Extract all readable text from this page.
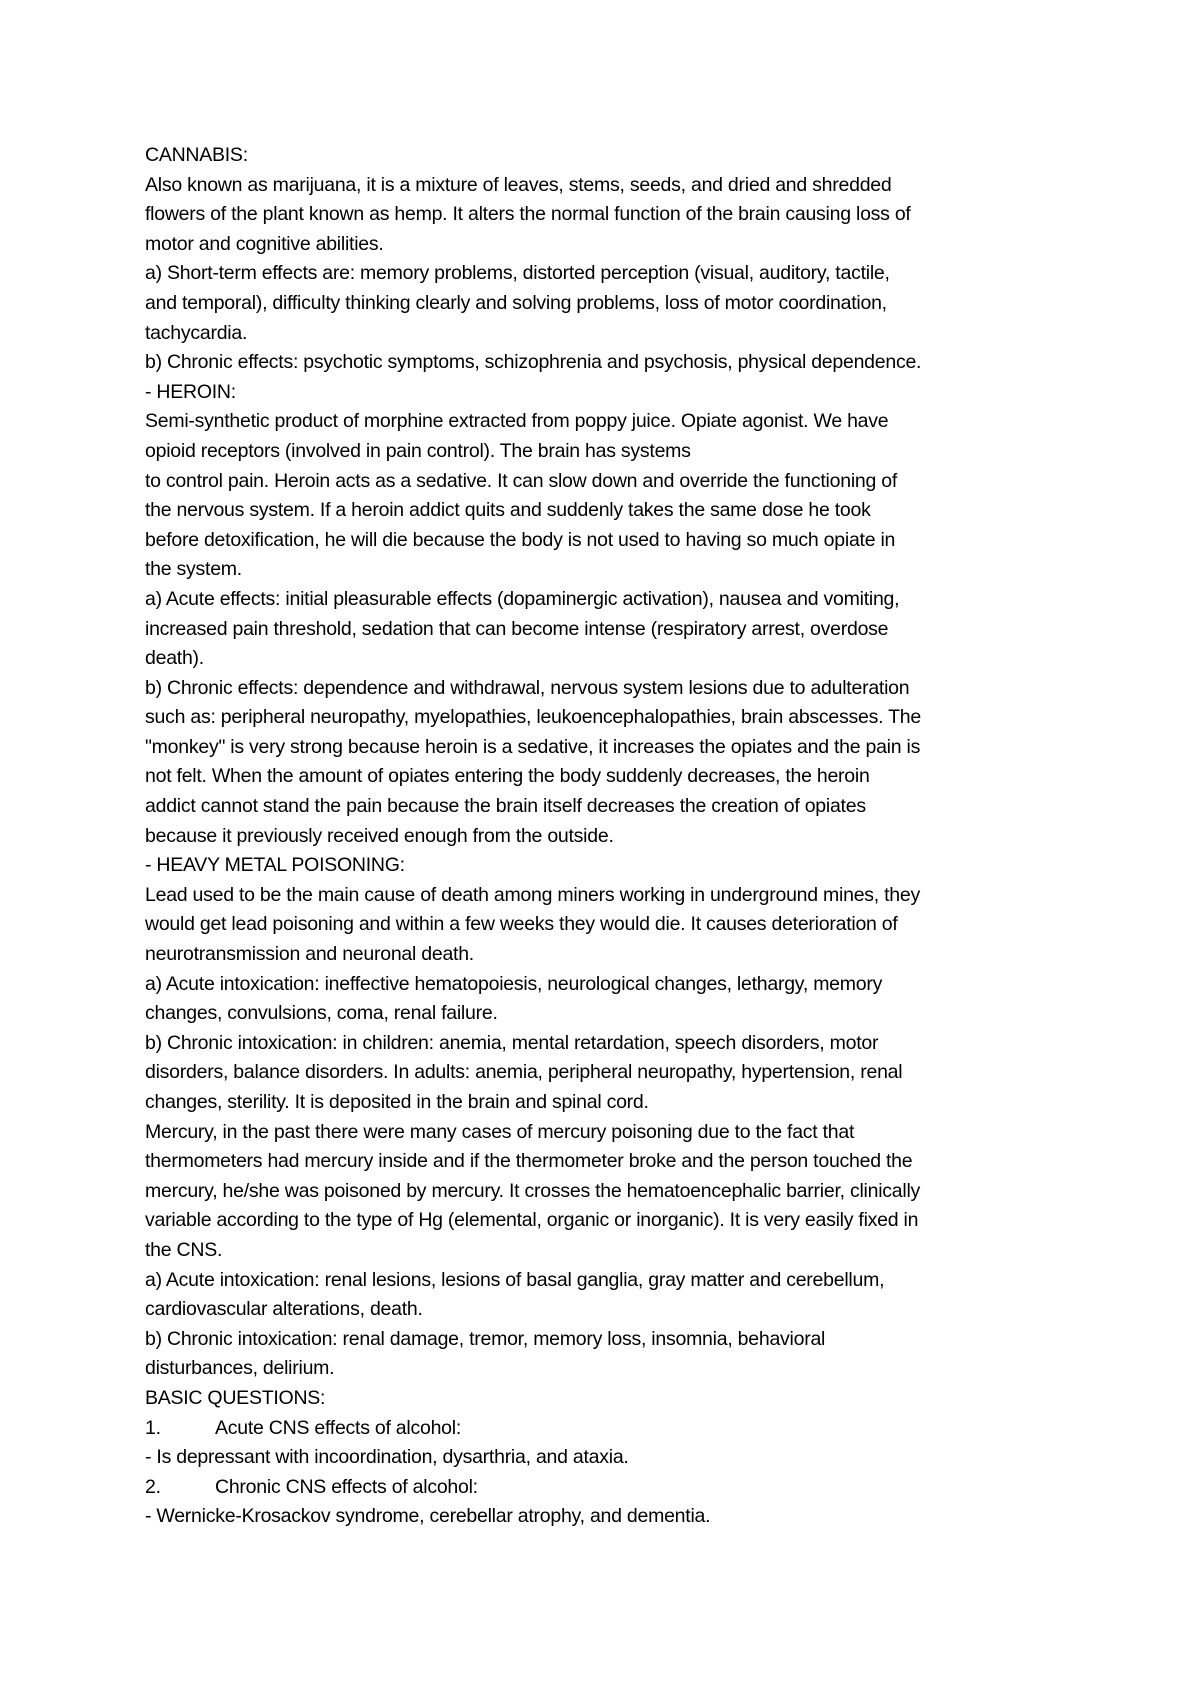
CANNABIS:
Also known as marijuana, it is a mixture of leaves, stems, seeds, and dried and shredded
flowers of the plant known as hemp. It alters the normal function of the brain causing loss of
motor and cognitive abilities.
a) Short-term effects are: memory problems, distorted perception (visual, auditory, tactile,
and temporal), difficulty thinking clearly and solving problems, loss of motor coordination,
tachycardia.
b) Chronic effects: psychotic symptoms, schizophrenia and psychosis, physical dependence.
- HEROIN:
Semi-synthetic product of morphine extracted from poppy juice. Opiate agonist. We have
opioid receptors (involved in pain control). The brain has systems
to control pain. Heroin acts as a sedative. It can slow down and override the functioning of
the nervous system. If a heroin addict quits and suddenly takes the same dose he took
before detoxification, he will die because the body is not used to having so much opiate in
the system.
a) Acute effects: initial pleasurable effects (dopaminergic activation), nausea and vomiting,
increased pain threshold, sedation that can become intense (respiratory arrest, overdose
death).
b) Chronic effects: dependence and withdrawal, nervous system lesions due to adulteration
such as: peripheral neuropathy, myelopathies, leukoencephalopathies, brain abscesses. The
"monkey" is very strong because heroin is a sedative, it increases the opiates and the pain is
not felt. When the amount of opiates entering the body suddenly decreases, the heroin
addict cannot stand the pain because the brain itself decreases the creation of opiates
because it previously received enough from the outside.
- HEAVY METAL POISONING:
Lead used to be the main cause of death among miners working in underground mines, they
would get lead poisoning and within a few weeks they would die. It causes deterioration of
neurotransmission and neuronal death.
a) Acute intoxication: ineffective hematopoiesis, neurological changes, lethargy, memory
changes, convulsions, coma, renal failure.
b) Chronic intoxication: in children: anemia, mental retardation, speech disorders, motor
disorders, balance disorders. In adults: anemia, peripheral neuropathy, hypertension, renal
changes, sterility. It is deposited in the brain and spinal cord.
Mercury, in the past there were many cases of mercury poisoning due to the fact that
thermometers had mercury inside and if the thermometer broke and the person touched the
mercury, he/she was poisoned by mercury. It crosses the hematoencephalic barrier, clinically
variable according to the type of Hg (elemental, organic or inorganic). It is very easily fixed in
the CNS.
a) Acute intoxication: renal lesions, lesions of basal ganglia, gray matter and cerebellum,
cardiovascular alterations, death.
b) Chronic intoxication: renal damage, tremor, memory loss, insomnia, behavioral
disturbances, delirium.
BASIC QUESTIONS:
1.	Acute CNS effects of alcohol:
- Is depressant with incoordination, dysarthria, and ataxia.
2.	Chronic CNS effects of alcohol:
- Wernicke-Krosackov syndrome, cerebellar atrophy, and dementia.
